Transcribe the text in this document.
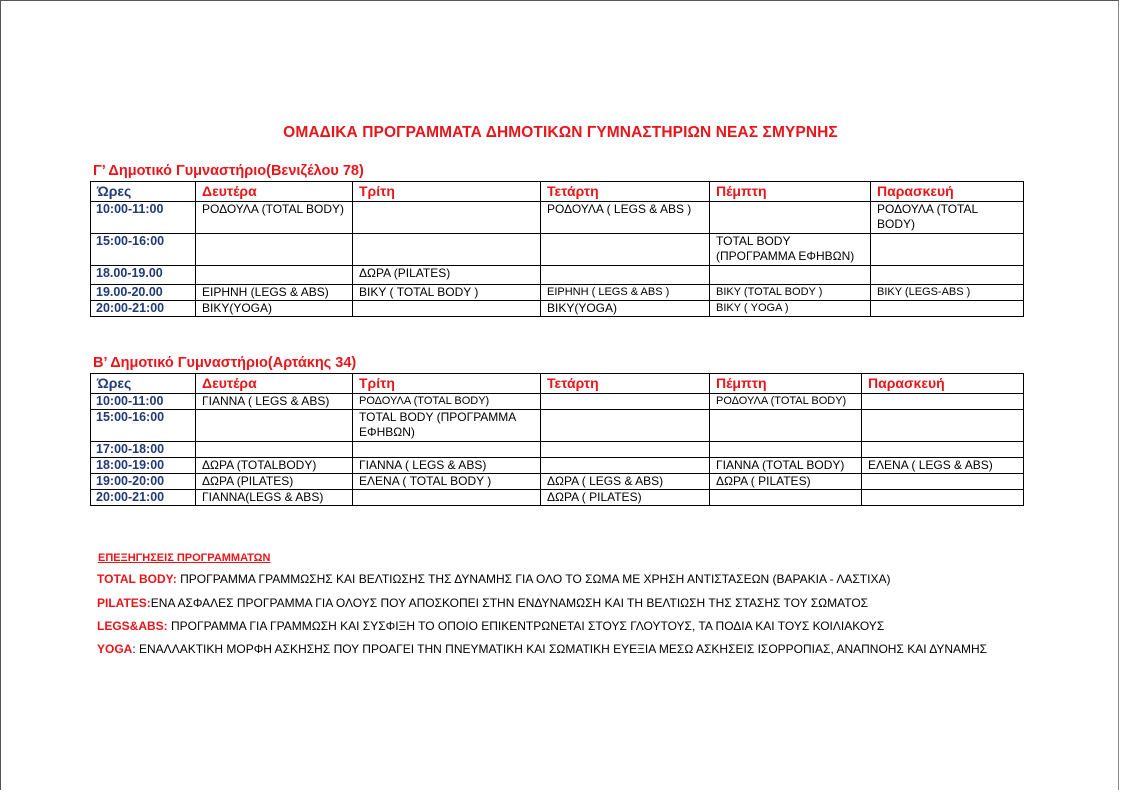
ΟΜΑΔΙΚΑ ΠΡΟΓΡΑΜΜΑΤΑ ΔΗΜΟΤΙΚΩΝ ΓΥΜΝΑΣΤΗΡΙΩΝ ΝΕΑΣ ΣΜΥΡΝΗΣ
Γ’ Δημοτικό Γυμναστήριο(Βενιζέλου 78)
Ώρες	Δευτέρα	Τρίτη	Τετάρτη	Πέμπτη	Παρασκευή
10:00-11:00	ΡΟΔΟΥΛΑ (TOTAL BODY)		ΡΟΔΟΥΛΑ ( LEGS & ABS )		ΡΟΔΟΥΛΑ (TOTAL BODY)
15:00-16:00				TOTAL BODY (ΠΡΟΓΡΑΜΜΑ ΕΦΗΒΩΝ)	
18.00-19.00		ΔΩΡΑ (PILATES)			
19.00-20.00	ΕΙΡΗΝΗ (LEGS & ABS)	ΒΙΚΥ ( TOTAL BODY )	ΕΙΡΗΝΗ ( LEGS & ABS )	ΒΙΚΥ (TOTAL BODY )	ΒΙΚΥ (LEGS-ABS )
20:00-21:00	ΒΙΚΥ(YOGA)		ΒΙΚΥ(YOGA)	ΒΙΚΥ ( YOGA )	
Β’ Δημοτικό Γυμναστήριο(Αρτάκης 34)
Ώρες	Δευτέρα	Τρίτη	Τετάρτη	Πέμπτη	Παρασκευή
10:00-11:00	ΓΙΑΝΝΑ ( LEGS & ABS)	ΡΟΔΟΥΛΑ (TOTAL BODY)		ΡΟΔΟΥΛΑ (TOTAL BODY)	
15:00-16:00		TOTAL BODY (ΠΡΟΓΡΑΜΜΑ ΕΦΗΒΩΝ)			
17:00-18:00					
18:00-19:00	ΔΩΡΑ (TOTALBODY)	ΓΙΑΝΝΑ ( LEGS & ABS)		ΓΙΑΝΝΑ (TOTAL BODY)	ΕΛΕΝΑ ( LEGS & ABS)
19:00-20:00	ΔΩΡΑ (PILATES)	ΕΛΕΝΑ ( TOTAL BODY )	ΔΩΡΑ ( LEGS & ABS)	ΔΩΡΑ ( PILATES)	
20:00-21:00	ΓΙΑΝΝΑ(LEGS & ABS)		ΔΩΡΑ ( PILATES)		
ΕΠΕΞΗΓΗΣΕΙΣ ΠΡΟΓΡΑΜΜΑΤΩΝ
TOTAL BODY: ΠΡΟΓΡΑΜΜΑ ΓΡΑΜΜΩΣΗΣ ΚΑΙ ΒΕΛΤΙΩΣΗΣ ΤΗΣ ΔΥΝΑΜΗΣ ΓΙΑ ΟΛΟ ΤΟ ΣΩΜΑ ΜΕ ΧΡΗΣΗ ΑΝΤΙΣΤΑΣΕΩΝ (ΒΑΡΑΚΙΑ - ΛΑΣΤΙΧΑ)
PILATES:ΕΝΑ ΑΣΦΑΛΕΣ ΠΡΟΓΡΑΜΜΑ ΓΙΑ ΟΛΟΥΣ ΠΟΥ ΑΠΟΣΚΟΠΕΙ ΣΤΗΝ ΕΝΔΥΝΑΜΩΣΗ ΚΑΙ ΤΗ ΒΕΛΤΙΩΣΗ ΤΗΣ ΣΤΑΣΗΣ ΤΟΥ ΣΩΜΑΤΟΣ
LEGS&ABS: ΠΡΟΓΡΑΜΜΑ ΓΙΑ ΓΡΑΜΜΩΣΗ ΚΑΙ ΣΥΣΦΙΞΗ ΤΟ ΟΠΟΙΟ ΕΠΙΚΕΝΤΡΩΝΕΤΑΙ ΣΤΟΥΣ ΓΛΟΥΤΟΥΣ, ΤΑ ΠΟΔΙΑ ΚΑΙ ΤΟΥΣ ΚΟΙΛΙΑΚΟΥΣ
YOGA: ΕΝΑΛΛΑΚΤΙΚΗ ΜΟΡΦΗ ΑΣΚΗΣΗΣ ΠΟΥ ΠΡΟΑΓΕΙ ΤΗΝ ΠΝΕΥΜΑΤΙΚΗ ΚΑΙ ΣΩΜΑΤΙΚΗ ΕΥΕΞΙΑ ΜΕΣΩ ΑΣΚΗΣΕΙΣ ΙΣΟΡΡΟΠΙΑΣ, ΑΝΑΠΝΟΗΣ ΚΑΙ ΔΥΝΑΜΗΣ
